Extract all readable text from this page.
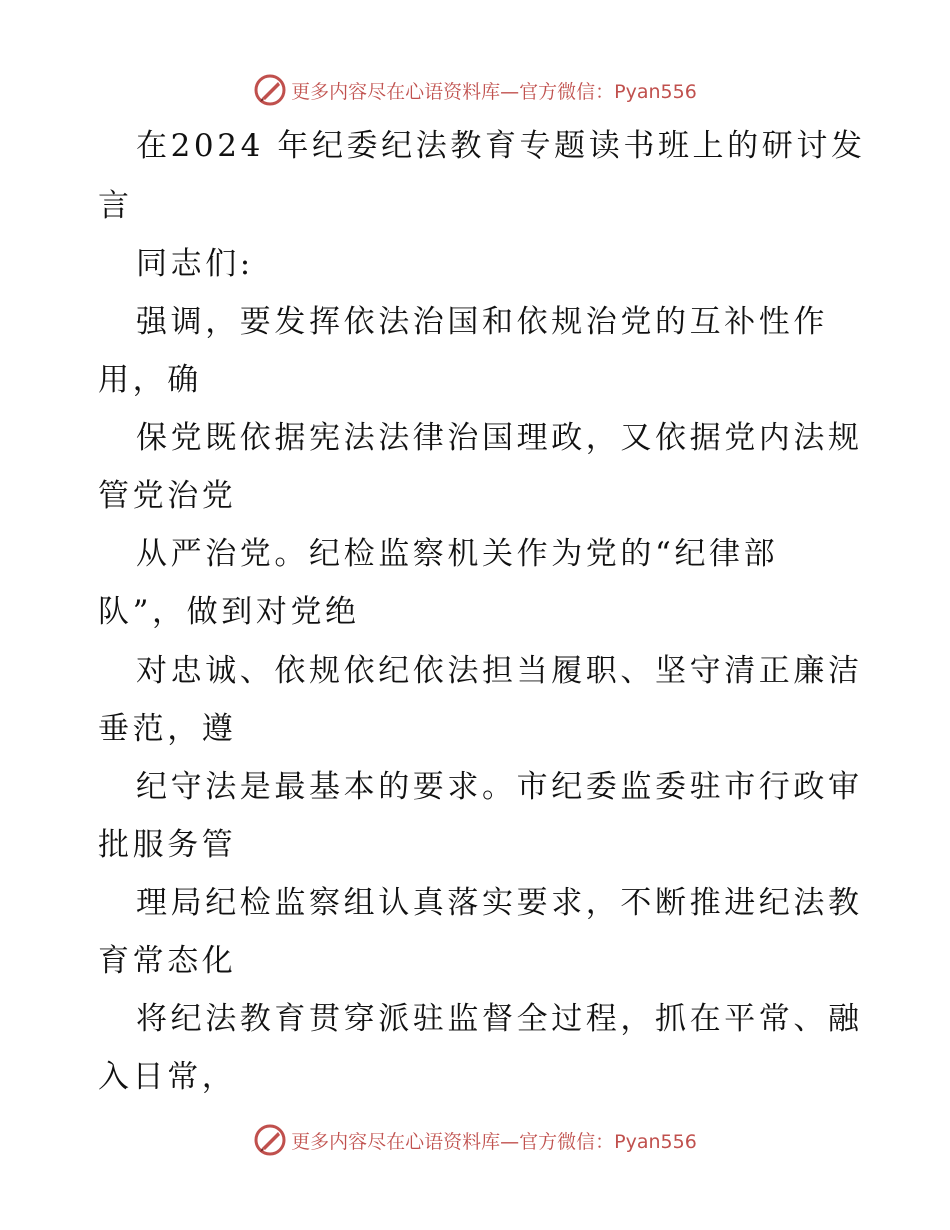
更多内容尽在心语资料库—官方微信：Pyan556
在2024 年纪委纪法教育专题读书班上的研讨发
言
同志们:
强调，要发挥依法治国和依规治党的互补性作
用，确
保党既依据宪法法律治国理政，又依据党内法规
管党治党
从严治党。纪检监察机关作为党的“纪律部
队”，做到对党绝
对忠诚、依规依纪依法担当履职、坚守清正廉洁
垂范，遵
纪守法是最基本的要求。市纪委监委驻市行政审
批服务管
理局纪检监察组认真落实要求，不断推进纪法教
育常态化
将纪法教育贯穿派驻监督全过程，抓在平常、融
入日常，
更多内容尽在心语资料库—官方微信：Pyan556
